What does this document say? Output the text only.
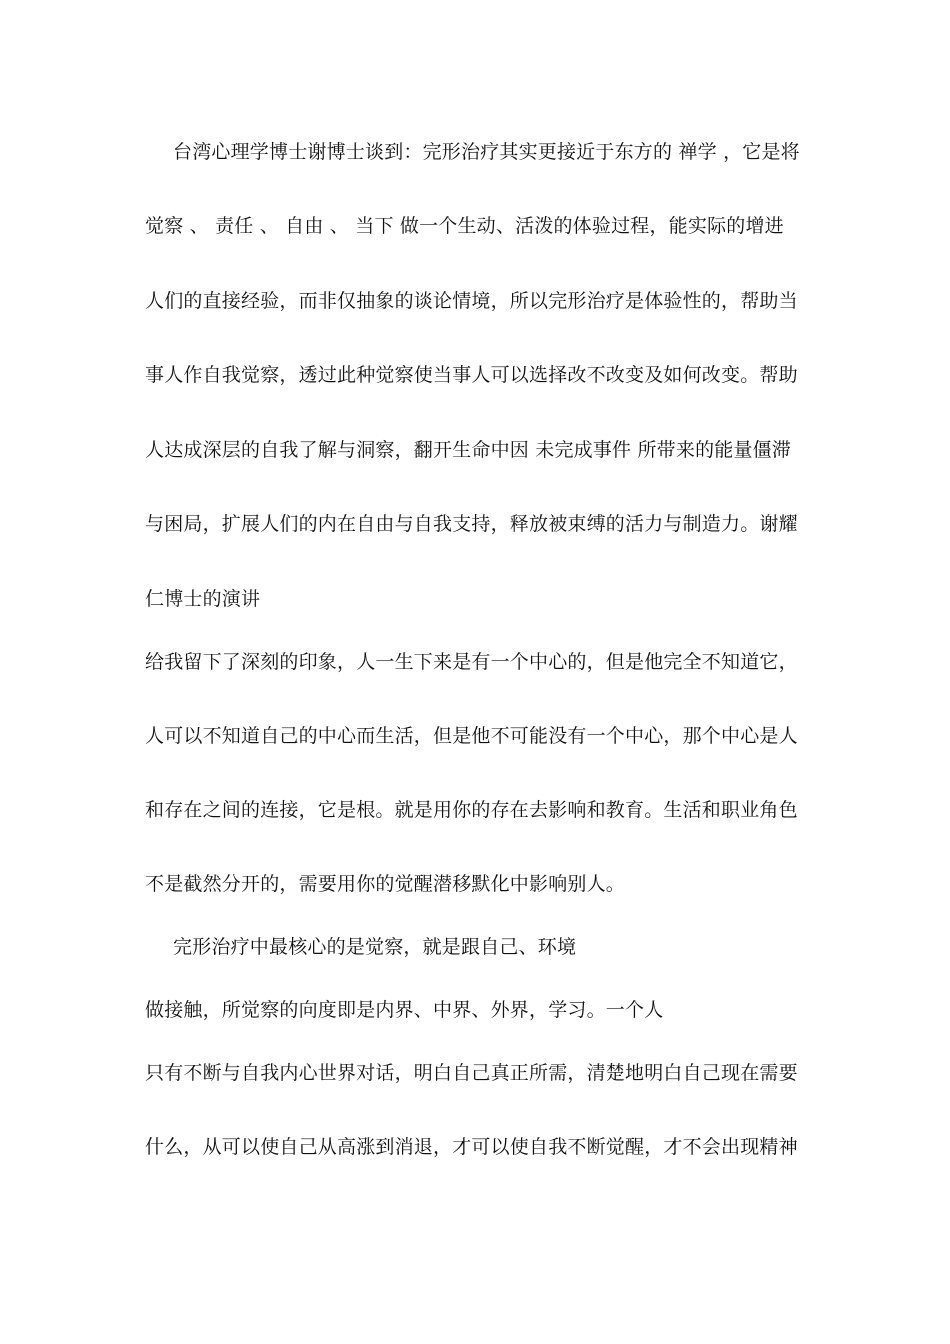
台湾心理学博士谢博士谈到：完形治疗其实更接近于东方的 禅学 ，它是将
觉察 、 责任 、 自由 、 当下 做一个生动、活泼的体验过程，能实际的增进
人们的直接经验，而非仅抽象的谈论情境，所以完形治疗是体验性的，帮助当
事人作自我觉察，透过此种觉察使当事人可以选择改不改变及如何改变。帮助
人达成深层的自我了解与洞察，翻开生命中因 未完成事件 所带来的能量僵滞
与困局，扩展人们的内在自由与自我支持，释放被束缚的活力与制造力。谢耀
仁博士的演讲
给我留下了深刻的印象，人一生下来是有一个中心的，但是他完全不知道它，
人可以不知道自己的中心而生活，但是他不可能没有一个中心，那个中心是人
和存在之间的连接，它是根。就是用你的存在去影响和教育。生活和职业角色
不是截然分开的，需要用你的觉醒潜移默化中影响别人。
完形治疗中最核心的是觉察，就是跟自己、环境
做接触，所觉察的向度即是内界、中界、外界，学习。一个人
只有不断与自我内心世界对话，明白自己真正所需，清楚地明白自己现在需要
什么，从可以使自己从高涨到消退，才可以使自我不断觉醒，才不会出现精神
